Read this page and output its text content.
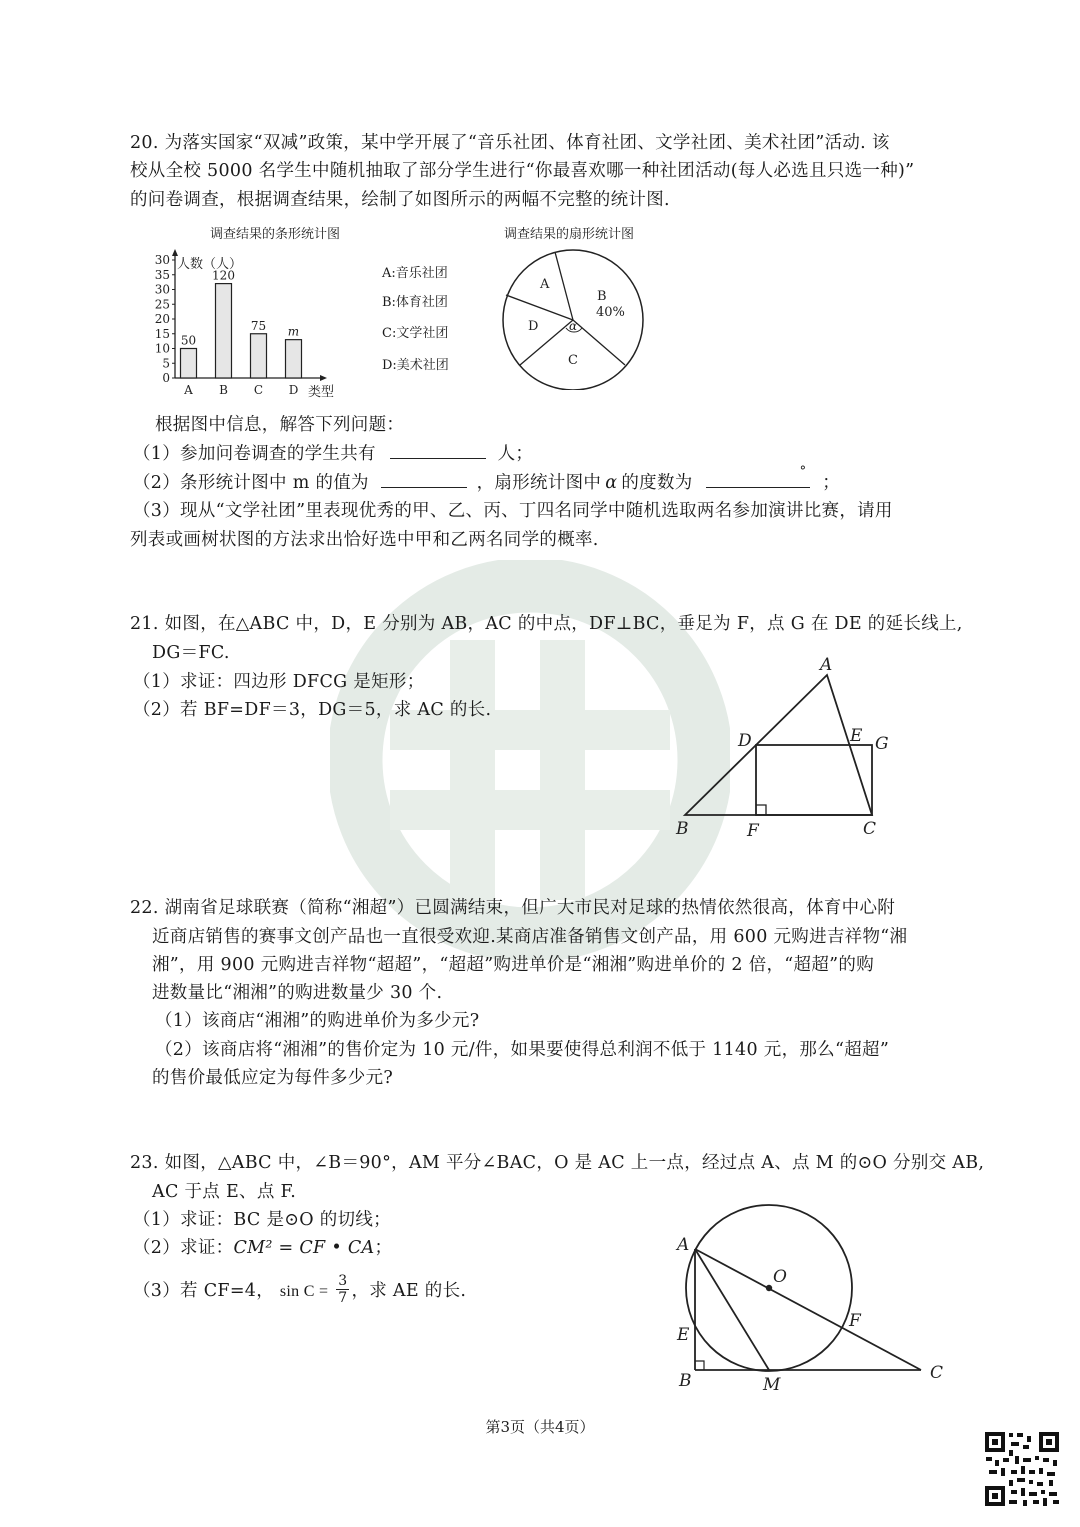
20. 为落实国家“双减”政策，某中学开展了“音乐社团、体育社团、文学社团、美术社团”活动. 该
校从全校 5000 名学生中随机抽取了部分学生进行“你最喜欢哪一种社团活动(每人必选且只选一种)”
的问卷调查，根据调查结果，绘制了如图所示的两幅不完整的统计图.
调查结果的条形统计图
人数（人）
类型
0
5
10
15
20
25
30
35
30
50
A
120
B
75
C
m
D
A:音乐社团
B:体育社团
C:文学社团
D:美术社团
调查结果的扇形统计图
A
B
40%
C
D	α
根据图中信息，解答下列问题：
（1）参加问卷调查的学生共有	人；
（2）条形统计图中 m 的值为	，扇形统计图中 α 的度数为
°
；
（3）现从“文学社团”里表现优秀的甲、乙、丙、丁四名同学中随机选取两名参加演讲比赛，请用
列表或画树状图的方法求出恰好选中甲和乙两名同学的概率.
21. 如图，在△ABC 中，D，E 分别为 AB，AC 的中点，DF⊥BC，垂足为 F，点 G 在 DE 的延长线上,
DG＝FC.
（1）求证：四边形 DFCG 是矩形；
（2）若 BF=DF＝3，DG＝5，求 AC 的长.
A
B	C
D	E
F
G
22. 湖南省足球联赛（简称“湘超”）已圆满结束，但广大市民对足球的热情依然很高，体育中心附
近商店销售的赛事文创产品也一直很受欢迎.某商店准备销售文创产品，用 600 元购进吉祥物“湘
湘”，用 900 元购进吉祥物“超超”，“超超”购进单价是“湘湘”购进单价的 2 倍，“超超”的购
进数量比“湘湘”的购进数量少 30 个.
（1）该商店“湘湘”的购进单价为多少元?
（2）该商店将“湘湘”的售价定为 10 元/件，如果要使得总利润不低于 1140 元，那么“超超”
的售价最低应定为每件多少元?
23. 如图，△ABC 中，∠B＝90°，AM 平分∠BAC，O 是 AC 上一点，经过点 A、点 M 的⊙O 分别交 AB,
AC 于点 E、点 F.
（1）求证：BC 是⊙O 的切线；
（2）求证：CM² = CF • CA；
（3）若 CF=4， $\sin C = \frac{3}{7}$ ，求 AE 的长.
A
B	C
E
F
M
O
第3页（共4页）
